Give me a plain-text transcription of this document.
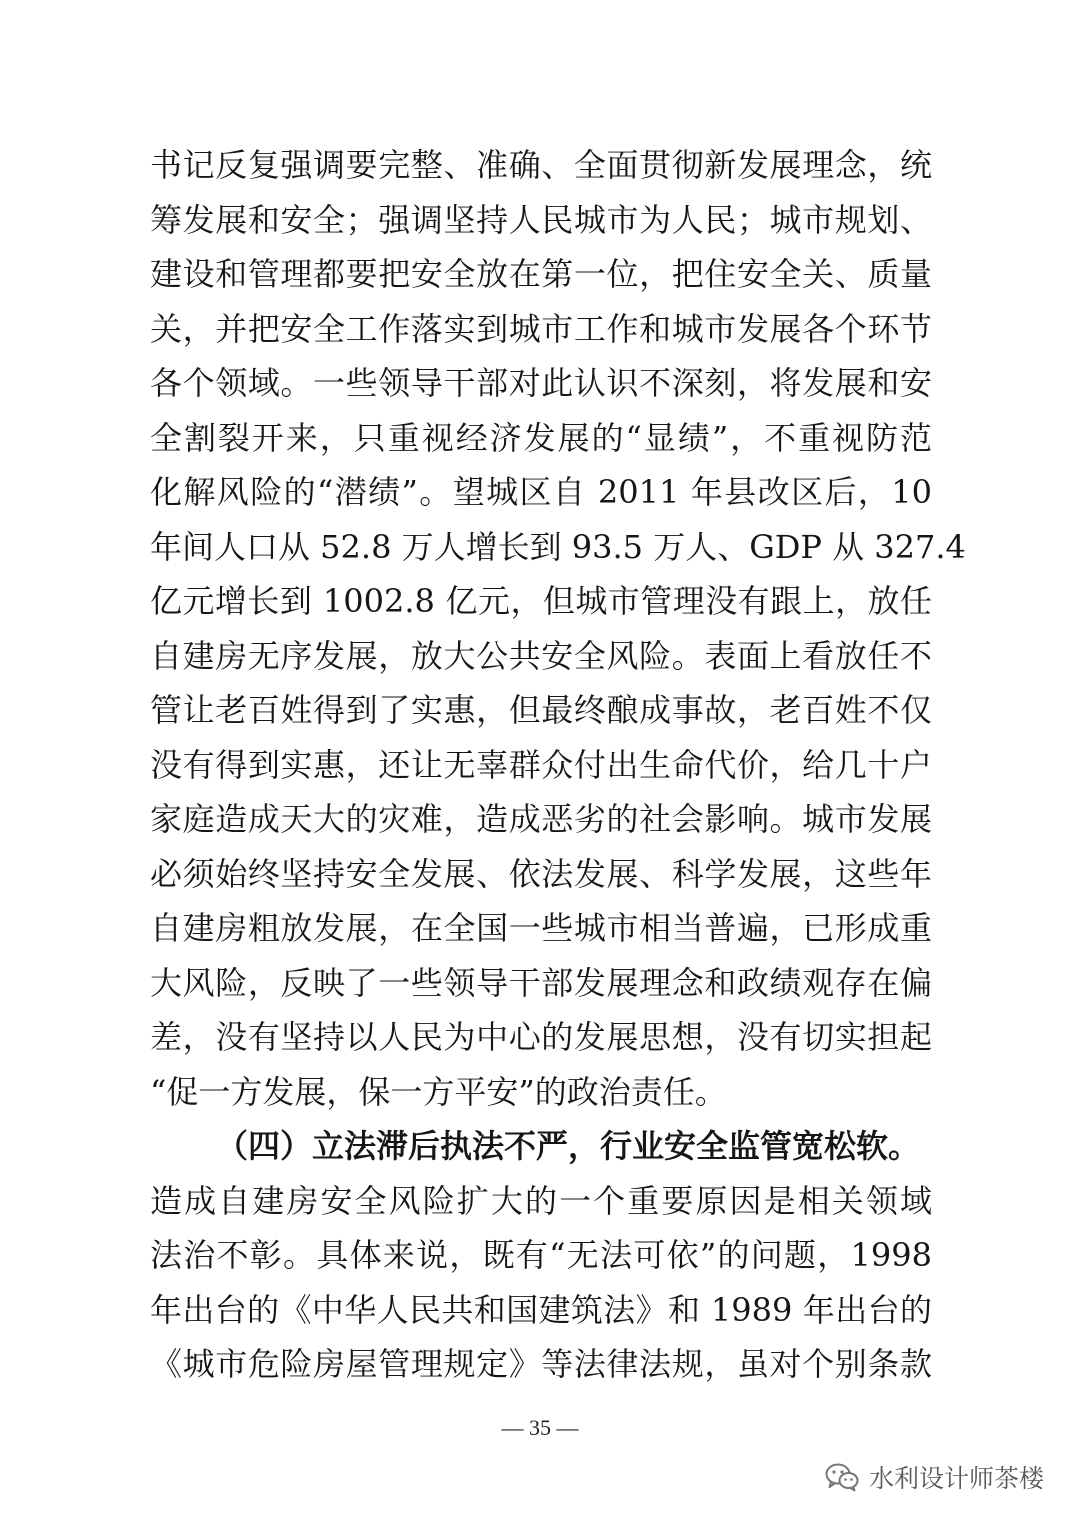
书记反复强调要完整、准确、全面贯彻新发展理念，统
筹发展和安全；强调坚持人民城市为人民；城市规划、
建设和管理都要把安全放在第一位，把住安全关、质量
关，并把安全工作落实到城市工作和城市发展各个环节
各个领域。一些领导干部对此认识不深刻，将发展和安
全割裂开来，只重视经济发展的“显绩”，不重视防范
化解风险的“潜绩”。望城区自 2011 年县改区后，10
年间人口从 52.8 万人增长到 93.5 万人、GDP 从 327.4
亿元增长到 1002.8 亿元，但城市管理没有跟上，放任
自建房无序发展，放大公共安全风险。表面上看放任不
管让老百姓得到了实惠，但最终酿成事故，老百姓不仅
没有得到实惠，还让无辜群众付出生命代价，给几十户
家庭造成天大的灾难，造成恶劣的社会影响。城市发展
必须始终坚持安全发展、依法发展、科学发展，这些年
自建房粗放发展，在全国一些城市相当普遍，已形成重
大风险，反映了一些领导干部发展理念和政绩观存在偏
差，没有坚持以人民为中心的发展思想，没有切实担起
“促一方发展，保一方平安”的政治责任。
（四）立法滞后执法不严，行业安全监管宽松软。
造成自建房安全风险扩大的一个重要原因是相关领域
法治不彰。具体来说，既有“无法可依”的问题，1998
年出台的《中华人民共和国建筑法》和 1989 年出台的
《城市危险房屋管理规定》等法律法规，虽对个别条款
— 35 —
水利设计师茶楼
